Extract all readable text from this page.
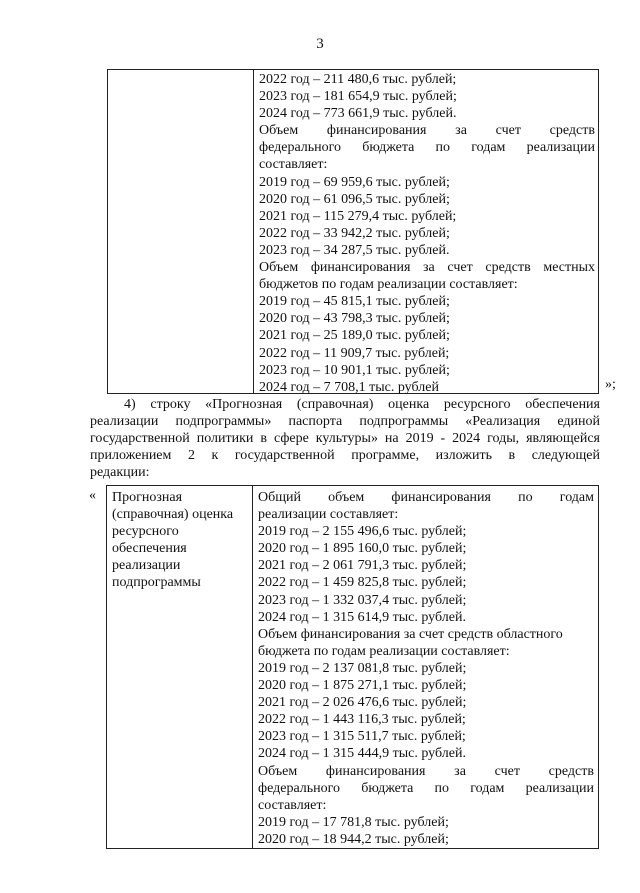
3
2022 год – 211 480,6 тыс. рублей;
2023 год – 181 654,9 тыс. рублей;
2024 год – 773 661,9 тыс. рублей.
Объем финансирования за счет средств
федерального бюджета по годам реализации
составляет:
2019 год – 69 959,6 тыс. рублей;
2020 год – 61 096,5 тыс. рублей;
2021 год – 115 279,4 тыс. рублей;
2022 год – 33 942,2 тыс. рублей;
2023 год – 34 287,5 тыс. рублей.
Объем финансирования за счет средств местных
бюджетов по годам реализации составляет:
2019 год – 45 815,1 тыс. рублей;
2020 год – 43 798,3 тыс. рублей;
2021 год – 25 189,0 тыс. рублей;
2022 год – 11 909,7 тыс. рублей;
2023 год – 10 901,1 тыс. рублей;
2024 год – 7 708,1 тыс. рублей	»;
4) строку «Прогнозная (справочная) оценка ресурсного обеспечения
реализации подпрограммы» паспорта подпрограммы «Реализация единой
государственной политики в сфере культуры» на 2019 - 2024 годы, являющейся
приложением 2 к государственной программе, изложить в следующей
редакции:
« Прогнозная
(справочная) оценка
ресурсного
обеспечения
реализации
подпрограммы
Общий объем финансирования по годам
реализации составляет:
2019 год – 2 155 496,6 тыс. рублей;
2020 год – 1 895 160,0 тыс. рублей;
2021 год – 2 061 791,3 тыс. рублей;
2022 год – 1 459 825,8 тыс. рублей;
2023 год – 1 332 037,4 тыс. рублей;
2024 год – 1 315 614,9 тыс. рублей.
Объем финансирования за счет средств областного
бюджета по годам реализации составляет:
2019 год – 2 137 081,8 тыс. рублей;
2020 год – 1 875 271,1 тыс. рублей;
2021 год – 2 026 476,6 тыс. рублей;
2022 год – 1 443 116,3 тыс. рублей;
2023 год – 1 315 511,7 тыс. рублей;
2024 год – 1 315 444,9 тыс. рублей.
Объем финансирования за счет средств
федерального бюджета по годам реализации
составляет:
2019 год – 17 781,8 тыс. рублей;
2020 год – 18 944,2 тыс. рублей;
